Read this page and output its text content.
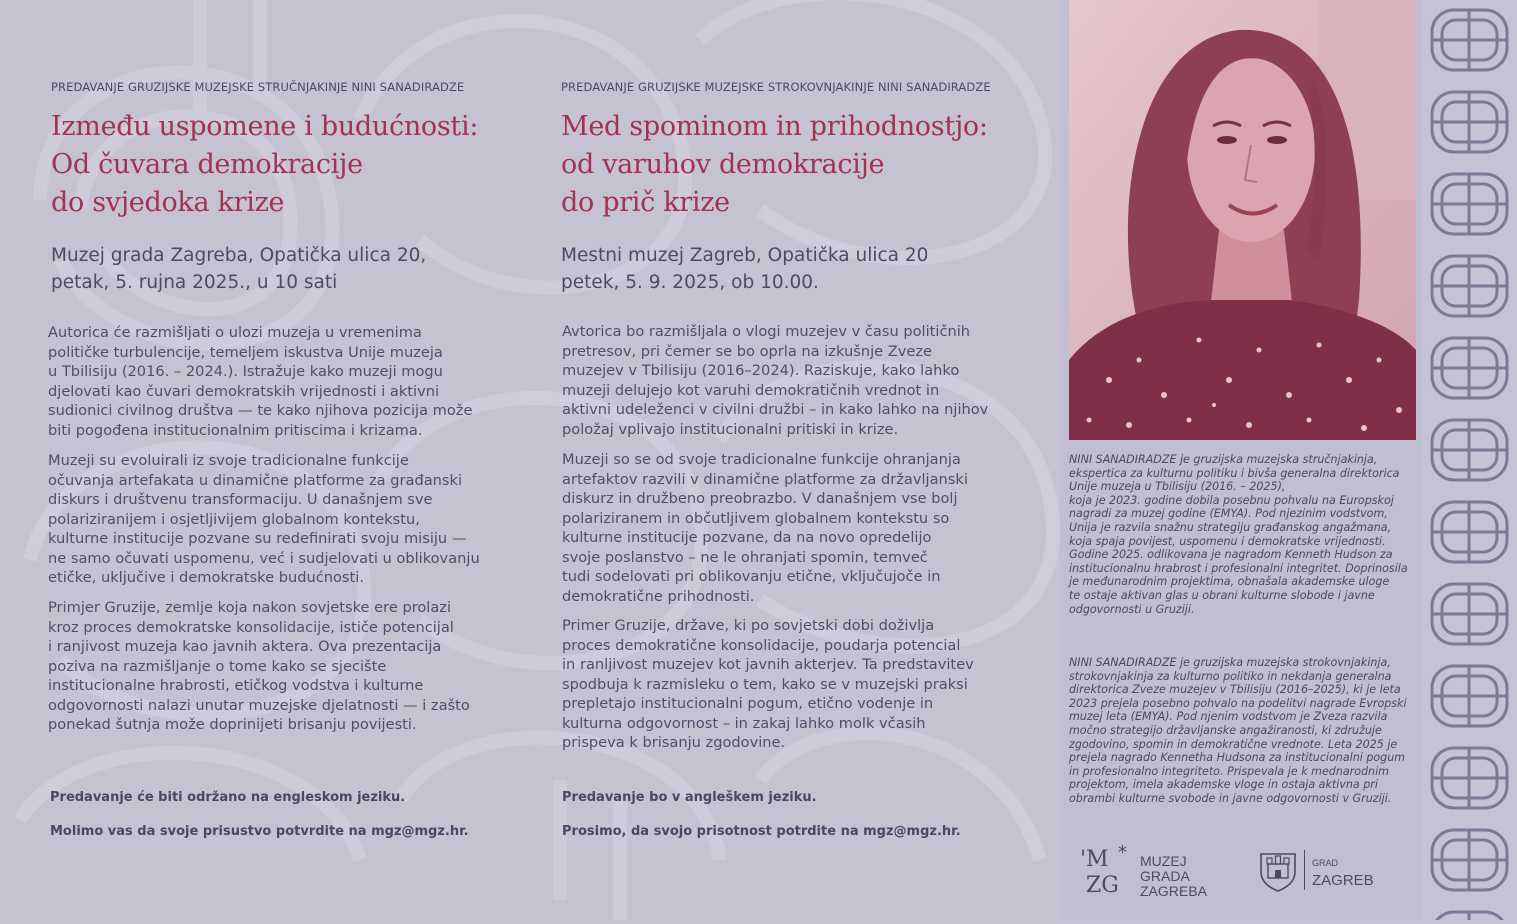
PREDAVANJE GRUZIJSKE MUZEJSKE STRUČNJAKINJE NINI SANADIRADZE
Između uspomene i budućnosti:
Od čuvara demokracije
do svjedoka krize
Muzej grada Zagreba, Opatička ulica 20,
petak, 5. rujna 2025., u 10 sati
Autorica će razmišljati o ulozi muzeja u vremenima
političke turbulencije, temeljem iskustva Unije muzeja
u Tbilisiju (2016. – 2024.). Istražuje kako muzeji mogu
djelovati kao čuvari demokratskih vrijednosti i aktivni
sudionici civilnog društva — te kako njihova pozicija može
biti pogođena institucionalnim pritiscima i krizama.
Muzeji su evoluirali iz svoje tradicionalne funkcije
očuvanja artefakata u dinamične platforme za građanski
diskurs i društvenu transformaciju. U današnjem sve
polariziranijem i osjetljivijem globalnom kontekstu,
kulturne institucije pozvane su redefinirati svoju misiju —
ne samo očuvati uspomenu, već i sudjelovati u oblikovanju
etičke, uključive i demokratske budućnosti.
Primjer Gruzije, zemlje koja nakon sovjetske ere prolazi
kroz proces demokratske konsolidacije, ističe potencijal
i ranjivost muzeja kao javnih aktera. Ova prezentacija
poziva na razmišljanje o tome kako se sjecište
institucionalne hrabrosti, etičkog vodstva i kulturne
odgovornosti nalazi unutar muzejske djelatnosti — i zašto
ponekad šutnja može doprinijeti brisanju povijesti.
Predavanje će biti održano na engleskom jeziku.
Molimo vas da svoje prisustvo potvrdite na mgz@mgz.hr.
PREDAVANJE GRUZIJSKE MUZEJSKE STROKOVNJAKINJE NINI SANADIRADZE
Med spominom in prihodnostjo:
od varuhov demokracije
do prič krize
Mestni muzej Zagreb, Opatička ulica 20
petek, 5. 9. 2025, ob 10.00.
Avtorica bo razmišljala o vlogi muzejev v času političnih
pretresov, pri čemer se bo oprla na izkušnje Zveze
muzejev v Tbilisiju (2016–2024). Raziskuje, kako lahko
muzeji delujejo kot varuhi demokratičnih vrednot in
aktivni udeleženci v civilni družbi – in kako lahko na njihov
položaj vplivajo institucionalni pritiski in krize.
Muzeji so se od svoje tradicionalne funkcije ohranjanja
artefaktov razvili v dinamične platforme za državljanski
diskurz in družbeno preobrazbo. V današnjem vse bolj
polariziranem in občutljivem globalnem kontekstu so
kulturne institucije pozvane, da na novo opredelijo
svoje poslanstvo – ne le ohranjati spomin, temveč
tudi sodelovati pri oblikovanju etične, vključujoče in
demokratične prihodnosti.
Primer Gruzije, države, ki po sovjetski dobi doživlja
proces demokratične konsolidacije, poudarja potencial
in ranljivost muzejev kot javnih akterjev. Ta predstavitev
spodbuja k razmisleku o tem, kako se v muzejski praksi
prepletajo institucionalni pogum, etično vodenje in
kulturna odgovornost – in zakaj lahko molk včasih
prispeva k brisanju zgodovine.
Predavanje bo v angleškem jeziku.
Prosimo, da svojo prisotnost potrdite na mgz@mgz.hr.
NINI SANADIRADZE je gruzijska muzejska stručnjakinja,
ekspertica za kulturnu politiku i bivša generalna direktorica
Unije muzeja u Tbilisiju (2016. – 2025),
koja je 2023. godine dobila posebnu pohvalu na Europskoj
nagradi za muzej godine (EMYA). Pod njezinim vodstvom,
Unija je razvila snažnu strategiju građanskog angažmana,
koja spaja povijest, uspomenu i demokratske vrijednosti.
Godine 2025. odlikovana je nagradom Kenneth Hudson za
institucionalnu hrabrost i profesionalni integritet. Doprinosila
je međunarodnim projektima, obnašala akademske uloge
te ostaje aktivan glas u obrani kulturne slobode i javne
odgovornosti u Gruziji.
NINI SANADIRADZE je gruzijska muzejska strokovnjakinja,
strokovnjakinja za kulturno politiko in nekdanja generalna
direktorica Zveze muzejev v Tbilisiju (2016–2025), ki je leta
2023 prejela posebno pohvalo na podelitvi nagrade Evropski
muzej leta (EMYA). Pod njenim vodstvom je Zveza razvila
močno strategijo državljanske angažiranosti, ki združuje
zgodovino, spomin in demokratične vrednote. Leta 2025 je
prejela nagrado Kennetha Hudsona za institucionalni pogum
in profesionalno integriteto. Prispevala je k mednarodnim
projektom, imela akademske vloge in ostaja aktivna pri
obrambi kulturne svobode in javne odgovornosti v Gruziji.
'M *
ZG
MUZEJ
GRADA
ZAGREBA
GRAD
ZAGREB
